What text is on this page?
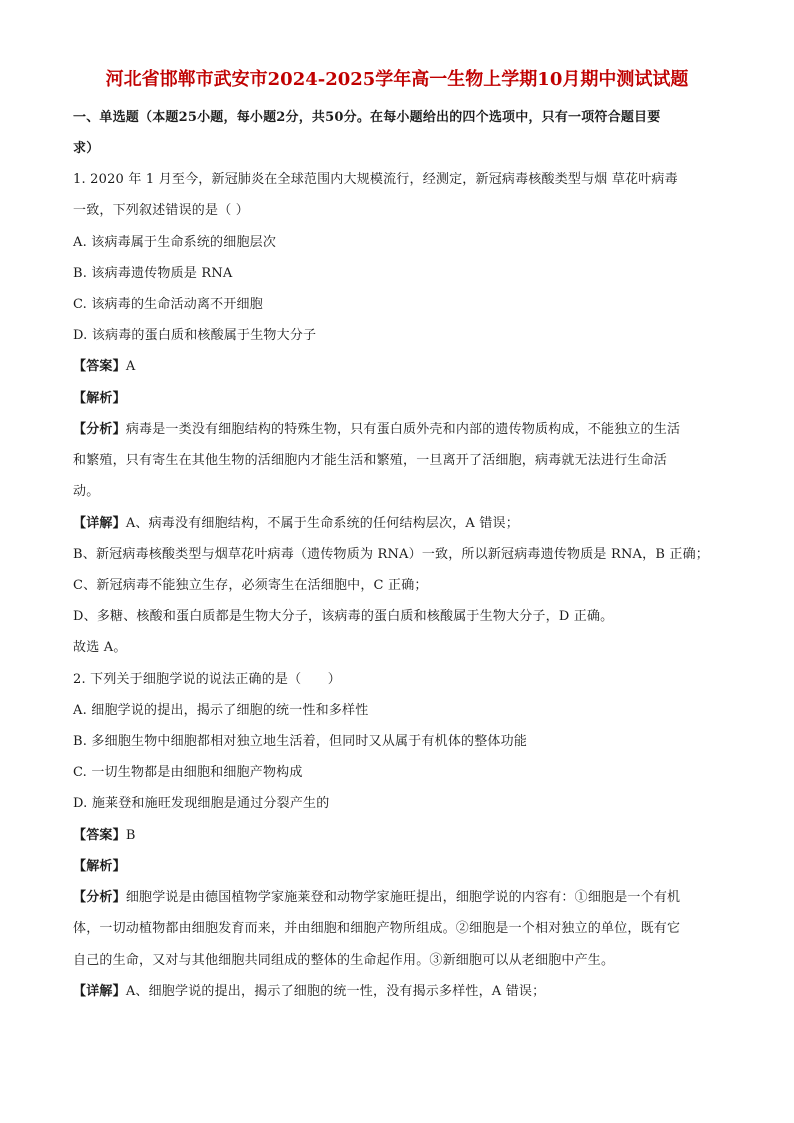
河北省邯郸市武安市2024-2025学年高一生物上学期10月期中测试试题
一、单选题（本题25小题，每小题2分，共50分。在每小题给出的四个选项中，只有一项符合题目要
求）
1. 2020 年 1 月至今，新冠肺炎在全球范围内大规模流行，经测定，新冠病毒核酸类型与烟 草花叶病毒
一致，下列叙述错误的是（ ）
A. 该病毒属于生命系统的细胞层次
B. 该病毒遗传物质是 RNA
C. 该病毒的生命活动离不开细胞
D. 该病毒的蛋白质和核酸属于生物大分子
【答案】A
【解析】
【分析】病毒是一类没有细胞结构的特殊生物，只有蛋白质外壳和内部的遗传物质构成，不能独立的生活
和繁殖，只有寄生在其他生物的活细胞内才能生活和繁殖，一旦离开了活细胞，病毒就无法进行生命活
动。
【详解】A、病毒没有细胞结构，不属于生命系统的任何结构层次，A 错误；
B、新冠病毒核酸类型与烟草花叶病毒（遗传物质为 RNA）一致，所以新冠病毒遗传物质是 RNA，B 正确；
C、新冠病毒不能独立生存，必须寄生在活细胞中，C 正确；
D、多糖、核酸和蛋白质都是生物大分子，该病毒的蛋白质和核酸属于生物大分子，D 正确。
故选 A。
2. 下列关于细胞学说的说法正确的是（　　）
A. 细胞学说的提出，揭示了细胞的统一性和多样性
B. 多细胞生物中细胞都相对独立地生活着，但同时又从属于有机体的整体功能
C. 一切生物都是由细胞和细胞产物构成
D. 施莱登和施旺发现细胞是通过分裂产生的
【答案】B
【解析】
【分析】细胞学说是由德国植物学家施莱登和动物学家施旺提出，细胞学说的内容有：①细胞是一个有机
体，一切动植物都由细胞发育而来，并由细胞和细胞产物所组成。②细胞是一个相对独立的单位，既有它
自己的生命，又对与其他细胞共同组成的整体的生命起作用。③新细胞可以从老细胞中产生。
【详解】A、细胞学说的提出，揭示了细胞的统一性，没有揭示多样性，A 错误；
